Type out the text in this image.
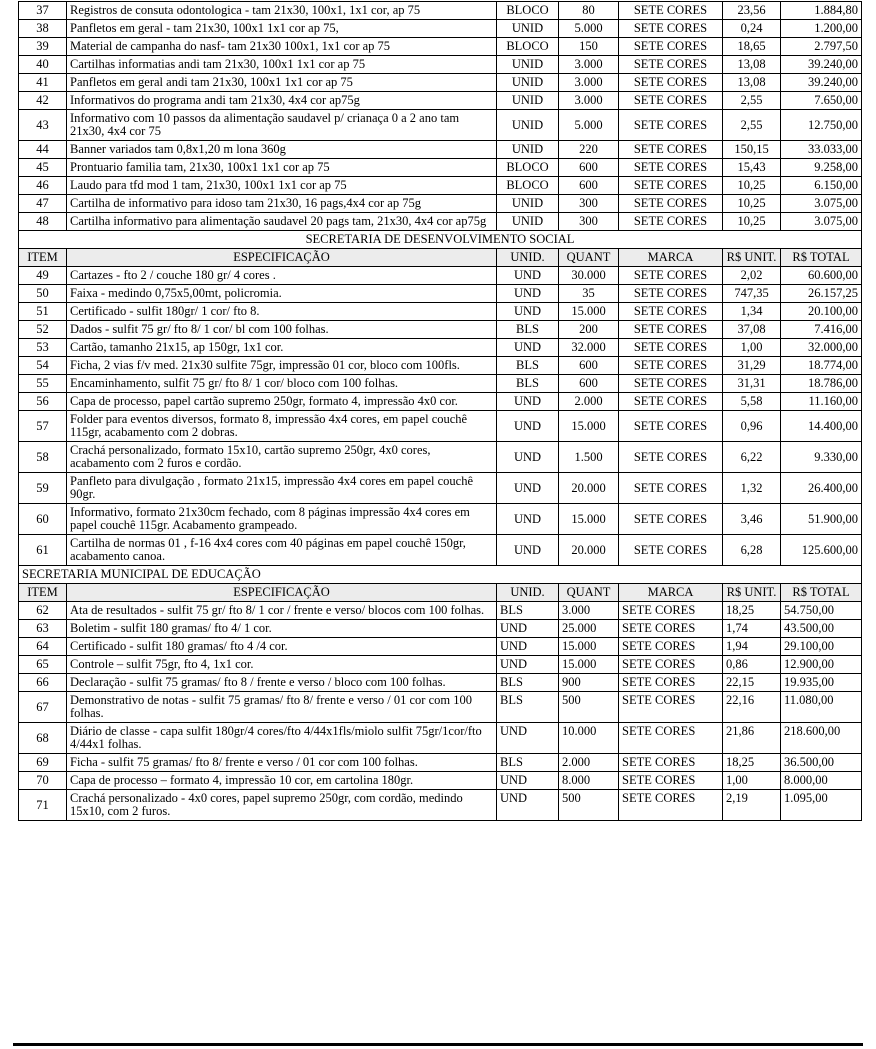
37	Registros de consuta odontologica - tam 21x30, 100x1, 1x1 cor, ap 75	BLOCO	80	SETE CORES	23,56	1.884,80
38	Panfletos em geral - tam 21x30, 100x1 1x1 cor ap 75,	UNID	5.000	SETE CORES	0,24	1.200,00
39	Material de campanha do nasf- tam 21x30 100x1, 1x1 cor ap 75	BLOCO	150	SETE CORES	18,65	2.797,50
40	Cartilhas informatias andi tam 21x30, 100x1 1x1 cor ap 75	UNID	3.000	SETE CORES	13,08	39.240,00
41	Panfletos em geral andi tam 21x30, 100x1 1x1 cor ap 75	UNID	3.000	SETE CORES	13,08	39.240,00
42	Informativos do programa andi tam 21x30, 4x4 cor ap75g	UNID	3.000	SETE CORES	2,55	7.650,00
43	Informativo com 10 passos da alimentação saudavel p/ crianaça 0 a 2 ano tam 21x30, 4x4 cor 75	UNID	5.000	SETE CORES	2,55	12.750,00
44	Banner variados tam 0,8x1,20 m lona 360g	UNID	220	SETE CORES	150,15	33.033,00
45	Prontuario familia tam, 21x30, 100x1 1x1 cor ap 75	BLOCO	600	SETE CORES	15,43	9.258,00
46	Laudo para tfd mod 1 tam, 21x30, 100x1 1x1 cor ap 75	BLOCO	600	SETE CORES	10,25	6.150,00
47	Cartilha de informativo para idoso tam 21x30, 16 pags,4x4 cor ap 75g	UNID	300	SETE CORES	10,25	3.075,00
48	Cartilha informativo para alimentação saudavel 20 pags tam, 21x30, 4x4 cor ap75g	UNID	300	SETE CORES	10,25	3.075,00
SECRETARIA DE DESENVOLVIMENTO SOCIAL						
ITEM	ESPECIFICAÇÃO	UNID.	QUANT	MARCA	R$ UNIT.	R$ TOTAL
49	Cartazes - fto 2 / couche 180 gr/ 4 cores .	UND	30.000	SETE CORES	2,02	60.600,00
50	Faixa - medindo 0,75x5,00mt, policromia.	UND	35	SETE CORES	747,35	26.157,25
51	Certificado - sulfit 180gr/ 1 cor/ fto 8.	UND	15.000	SETE CORES	1,34	20.100,00
52	Dados - sulfit 75 gr/ fto 8/ 1 cor/ bl com 100 folhas.	BLS	200	SETE CORES	37,08	7.416,00
53	Cartão, tamanho 21x15, ap 150gr, 1x1 cor.	UND	32.000	SETE CORES	1,00	32.000,00
54	Ficha, 2 vias f/v med. 21x30 sulfite 75gr, impressão 01 cor, bloco com 100fls.	BLS	600	SETE CORES	31,29	18.774,00
55	Encaminhamento, sulfit 75 gr/ fto 8/ 1 cor/ bloco com 100 folhas.	BLS	600	SETE CORES	31,31	18.786,00
56	Capa de processo, papel cartão supremo 250gr, formato 4, impressão 4x0 cor.	UND	2.000	SETE CORES	5,58	11.160,00
57	Folder para eventos diversos, formato 8, impressão 4x4 cores, em papel couchê 115gr, acabamento com 2 dobras.	UND	15.000	SETE CORES	0,96	14.400,00
58	Crachá personalizado, formato 15x10, cartão supremo 250gr, 4x0 cores, acabamento com 2 furos e cordão.	UND	1.500	SETE CORES	6,22	9.330,00
59	Panfleto para divulgação , formato 21x15, impressão 4x4 cores em papel couchê 90gr.	UND	20.000	SETE CORES	1,32	26.400,00
60	Informativo, formato 21x30cm fechado, com 8 páginas impressão 4x4 cores em papel couchê 115gr. Acabamento grampeado.	UND	15.000	SETE CORES	3,46	51.900,00
61	Cartilha de normas 01 , f-16 4x4 cores com 40 páginas em papel couchê 150gr, acabamento canoa.	UND	20.000	SETE CORES	6,28	125.600,00
SECRETARIA MUNICIPAL DE EDUCAÇÃO						
ITEM	ESPECIFICAÇÃO	UNID.	QUANT	MARCA	R$ UNIT.	R$ TOTAL
62	Ata de resultados - sulfit 75 gr/ fto 8/ 1 cor / frente e verso/ blocos com 100 folhas.	BLS	3.000	SETE CORES	18,25	54.750,00
63	Boletim - sulfit 180 gramas/ fto 4/ 1 cor.	UND	25.000	SETE CORES	1,74	43.500,00
64	Certificado - sulfit 180 gramas/ fto 4 /4 cor.	UND	15.000	SETE CORES	1,94	29.100,00
65	Controle – sulfit 75gr, fto 4, 1x1 cor.	UND	15.000	SETE CORES	0,86	12.900,00
66	Declaração - sulfit 75 gramas/ fto 8 / frente e verso / bloco com 100 folhas.	BLS	900	SETE CORES	22,15	19.935,00
67	Demonstrativo de notas - sulfit 75 gramas/ fto 8/ frente e verso / 01 cor com 100 folhas.	BLS	500	SETE CORES	22,16	11.080,00
68	Diário de classe - capa sulfit 180gr/4 cores/fto 4/44x1fls/miolo sulfit 75gr/1cor/fto 4/44x1 folhas.	UND	10.000	SETE CORES	21,86	218.600,00
69	Ficha - sulfit 75 gramas/ fto 8/ frente e verso / 01 cor com 100 folhas.	BLS	2.000	SETE CORES	18,25	36.500,00
70	Capa de processo – formato 4, impressão 10 cor, em cartolina 180gr.	UND	8.000	SETE CORES	1,00	8.000,00
71	Crachá personalizado - 4x0 cores, papel supremo 250gr, com cordão, medindo 15x10, com 2 furos.	UND	500	SETE CORES	2,19	1.095,00
